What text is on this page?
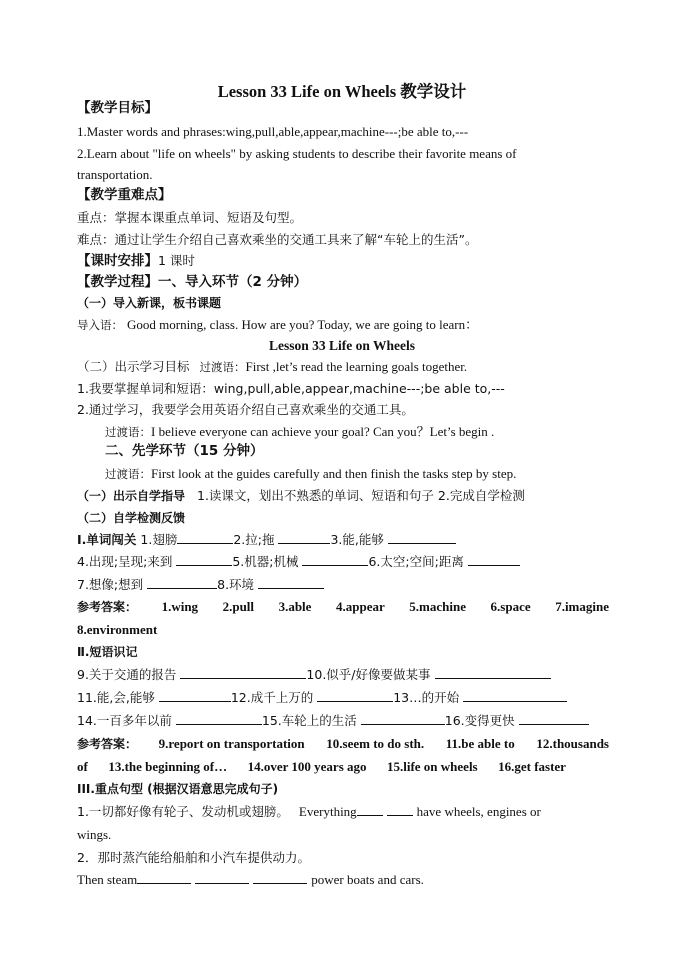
Lesson 33 Life on Wheels 教学设计
【教学目标】
1.Master words and phrases:wing,pull,able,appear,machine---;be able to,---
2.Learn about "life on wheels" by asking students to describe their favorite means of
transportation.
【教学重难点】
重点：掌握本课重点单词、短语及句型。
难点：通过让学生介绍自己喜欢乘坐的交通工具来了解“车轮上的生活”。
【课时安排】1 课时
【教学过程】一、导入环节（2 分钟）
（一）导入新课，板书课题
导入语： Good morning, class. How are you? Today, we are going to learn：
Lesson 33 Life on Wheels
（二）出示学习目标 过渡语：First ,let’s read the learning goals together.
1.我要掌握单词和短语：wing,pull,able,appear,machine---;be able to,---
2.通过学习，我要学会用英语介绍自己喜欢乘坐的交通工具。
过渡语：I believe everyone can achieve your goal? Can you？Let’s begin .
二、先学环节（15 分钟）
过渡语：First look at the guides carefully and then finish the tasks step by step.
（一）出示自学指导 1.读课文，划出不熟悉的单词、短语和句子 2.完成自学检测
（二）自学检测反馈
Ⅰ.单词闯关 1.翅膀	2.拉;拖	3.能,能够
4.出现;呈现;来到	5.机器;机械	6.太空;空间;距离
7.想像;想到	8.环境
参考答案： 1.wing 2.pull 3.able 4.appear 5.machine 6.space 7.imagine
8.environment
Ⅱ.短语识记
9.关于交通的报告	10.似乎/好像要做某事
11.能,会,能够	12.成千上万的	13…的开始
14.一百多年以前	15.车轮上的生活	16.变得更快
参考答案： 9.report on transportation 10.seem to do sth. 11.be able to 12.thousands
of 13.the beginning of… 14.over 100 years ago 15.life on wheels 16.get faster
III.重点句型 (根据汉语意思完成句子)
1.一切都好像有轮子、发动机或翅膀。 Everything	have wheels, engines or
wings.
2．那时蒸汽能给船舶和小汽车提供动力。
Then steam	power boats and cars.
